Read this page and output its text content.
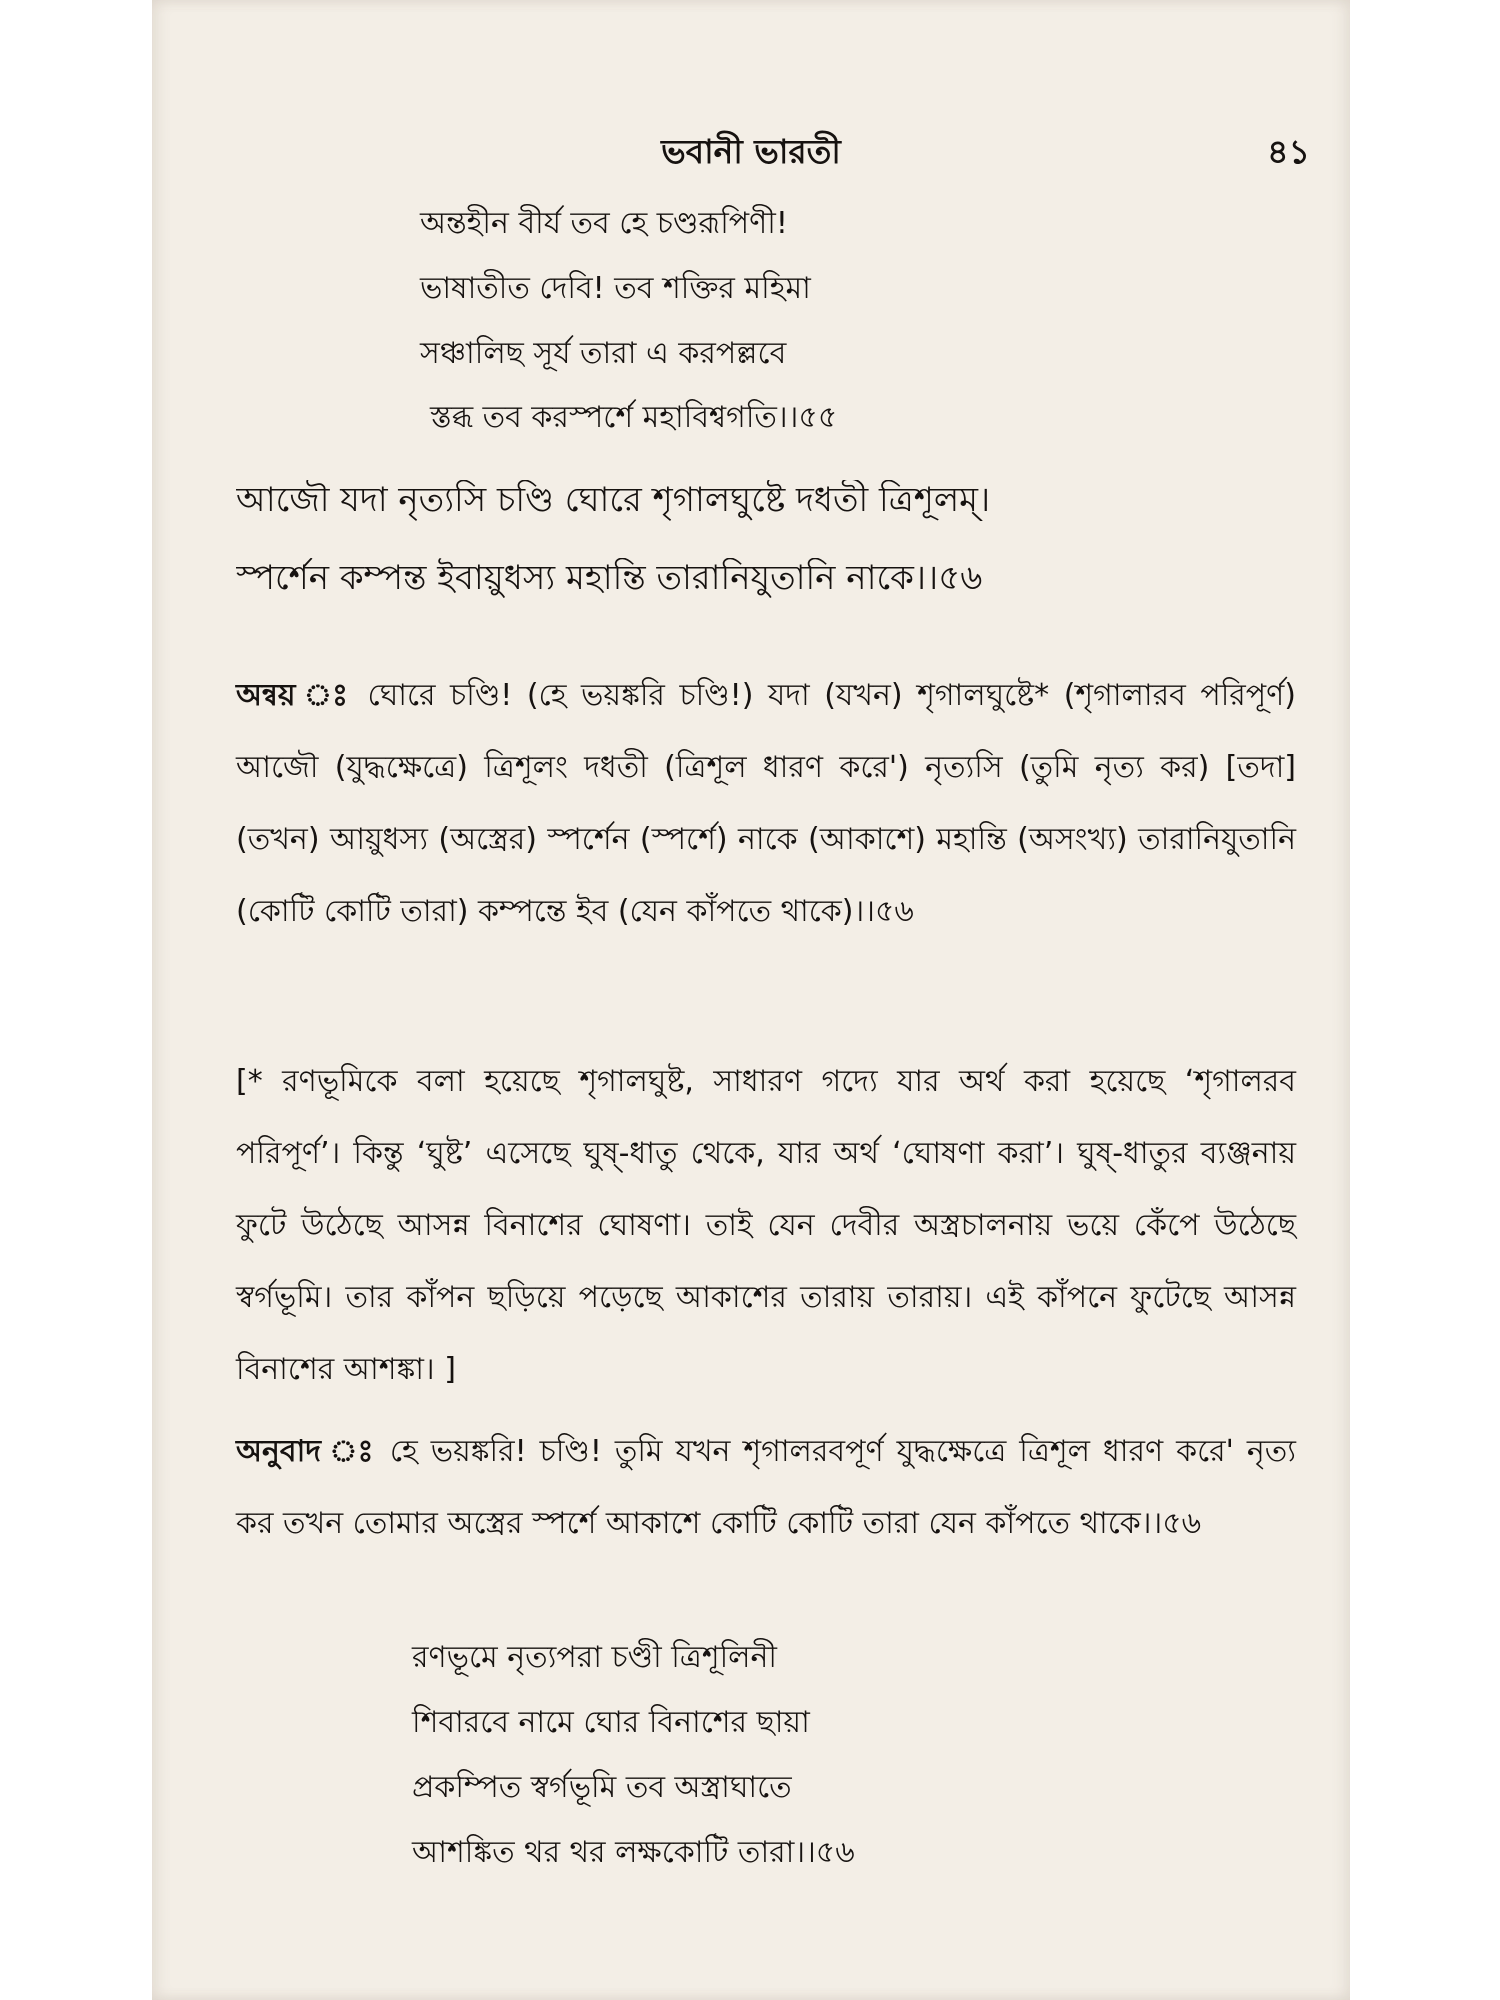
ভবানী ভারতী	৪১
অন্তহীন বীর্য তব হে চণ্ডরূপিণী!
ভাষাতীত দেবি! তব শক্তির মহিমা
সঞ্চালিছ সূর্য তারা এ করপল্লবে
স্তব্ধ তব করস্পর্শে মহাবিশ্বগতি।।৫৫
আজৌ যদা নৃত্যসি চণ্ডি ঘোরে শৃগালঘুষ্টে দধতী ত্রিশূলম্।
স্পর্শেন কম্পন্ত ইবায়ুধস্য মহান্তি তারানিযুতানি নাকে।।৫৬

অন্বয় ঃ ঘোরে চণ্ডি! (হে ভয়ঙ্করি চণ্ডি!) যদা (যখন) শৃগালঘুষ্টে* (শৃগালারব পরিপূর্ণ) আজৌ (যুদ্ধক্ষেত্রে) ত্রিশূলং দধতী (ত্রিশূল ধারণ করে') নৃত্যসি (তুমি নৃত্য কর) [তদা] (তখন) আয়ুধস্য (অস্ত্রের) স্পর্শেন (স্পর্শে) নাকে (আকাশে) মহান্তি (অসংখ্য) তারানিযুতানি (কোটি কোটি তারা) কম্পন্তে ইব (যেন কাঁপতে থাকে)।।৫৬

[* রণভূমিকে বলা হয়েছে শৃগালঘুষ্ট, সাধারণ গদ্যে যার অর্থ করা হয়েছে ‘শৃগালরব পরিপূর্ণ’। কিন্তু ‘ঘুষ্ট’ এসেছে ঘুষ্-ধাতু থেকে, যার অর্থ ‘ঘোষণা করা’। ঘুষ্-ধাতুর ব্যঞ্জনায় ফুটে উঠেছে আসন্ন বিনাশের ঘোষণা। তাই যেন দেবীর অস্ত্রচালনায় ভয়ে কেঁপে উঠেছে স্বর্গভূমি। তার কাঁপন ছড়িয়ে পড়েছে আকাশের তারায় তারায়। এই কাঁপনে ফুটেছে আসন্ন বিনাশের আশঙ্কা। ]

অনুবাদ ঃ হে ভয়ঙ্করি! চণ্ডি! তুমি যখন শৃগালরবপূর্ণ যুদ্ধক্ষেত্রে ত্রিশূল ধারণ করে' নৃত্য কর তখন তোমার অস্ত্রের স্পর্শে আকাশে কোটি কোটি তারা যেন কাঁপতে থাকে।।৫৬

রণভূমে নৃত্যপরা চণ্ডী ত্রিশূলিনী
শিবারবে নামে ঘোর বিনাশের ছায়া
প্রকম্পিত স্বর্গভূমি তব অস্ত্রাঘাতে
আশঙ্কিত থর থর লক্ষকোটি তারা।।৫৬
